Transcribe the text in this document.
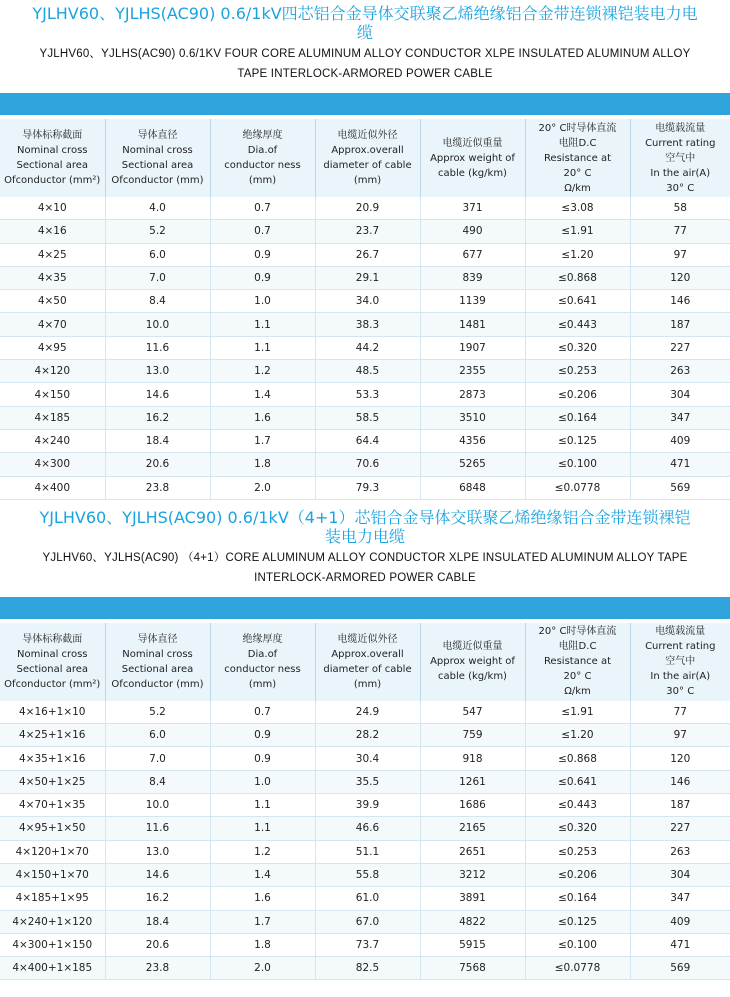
YJLHV60、YJLHS(AC90) 0.6/1kV四芯铝合金导体交联聚乙烯绝缘铝合金带连锁裸铠装电力电缆
YJLHV60、YJLHS(AC90) 0.6/1KV FOUR CORE ALUMINUM ALLOY CONDUCTOR XLPE INSULATED ALUMINUM ALLOY TAPE INTERLOCK-ARMORED POWER CABLE
导体标称截面
Nominal cross
Sectional area
Ofconductor (mm²)	导体直径
Nominal cross
Sectional area
Ofconductor (mm)	绝缘厚度
Dia.of
conductor ness
(mm)	电缆近似外径
Approx.overall
diameter of cable
(mm)	电缆近似重量
Approx weight of
cable (kg/km)	20° C时导体直流
电阻D.C
Resistance at
20° C
Ω/km	电缆载流量
Current rating
空气中
In the air(A)
30° C

4×10	4.0	0.7	20.9	371	≤3.08	58
4×16	5.2	0.7	23.7	490	≤1.91	77
4×25	6.0	0.9	26.7	677	≤1.20	97
4×35	7.0	0.9	29.1	839	≤0.868	120
4×50	8.4	1.0	34.0	1139	≤0.641	146
4×70	10.0	1.1	38.3	1481	≤0.443	187
4×95	11.6	1.1	44.2	1907	≤0.320	227
4×120	13.0	1.2	48.5	2355	≤0.253	263
4×150	14.6	1.4	53.3	2873	≤0.206	304
4×185	16.2	1.6	58.5	3510	≤0.164	347
4×240	18.4	1.7	64.4	4356	≤0.125	409
4×300	20.6	1.8	70.6	5265	≤0.100	471
4×400	23.8	2.0	79.3	6848	≤0.0778	569
YJLHV60、YJLHS(AC90) 0.6/1kV（4+1）芯铝合金导体交联聚乙烯绝缘铝合金带连锁裸铠装电力电缆
YJLHV60、YJLHS(AC90) （4+1）CORE ALUMINUM ALLOY CONDUCTOR XLPE INSULATED ALUMINUM ALLOY TAPE INTERLOCK-ARMORED POWER CABLE
导体标称截面
Nominal cross
Sectional area
Ofconductor (mm²)	导体直径
Nominal cross
Sectional area
Ofconductor (mm)	绝缘厚度
Dia.of
conductor ness
(mm)	电缆近似外径
Approx.overall
diameter of cable
(mm)	电缆近似重量
Approx weight of
cable (kg/km)	20° C时导体直流
电阻D.C
Resistance at
20° C
Ω/km	电缆载流量
Current rating
空气中
In the air(A)
30° C

4×16+1×10	5.2	0.7	24.9	547	≤1.91	77
4×25+1×16	6.0	0.9	28.2	759	≤1.20	97
4×35+1×16	7.0	0.9	30.4	918	≤0.868	120
4×50+1×25	8.4	1.0	35.5	1261	≤0.641	146
4×70+1×35	10.0	1.1	39.9	1686	≤0.443	187
4×95+1×50	11.6	1.1	46.6	2165	≤0.320	227
4×120+1×70	13.0	1.2	51.1	2651	≤0.253	263
4×150+1×70	14.6	1.4	55.8	3212	≤0.206	304
4×185+1×95	16.2	1.6	61.0	3891	≤0.164	347
4×240+1×120	18.4	1.7	67.0	4822	≤0.125	409
4×300+1×150	20.6	1.8	73.7	5915	≤0.100	471
4×400+1×185	23.8	2.0	82.5	7568	≤0.0778	569
